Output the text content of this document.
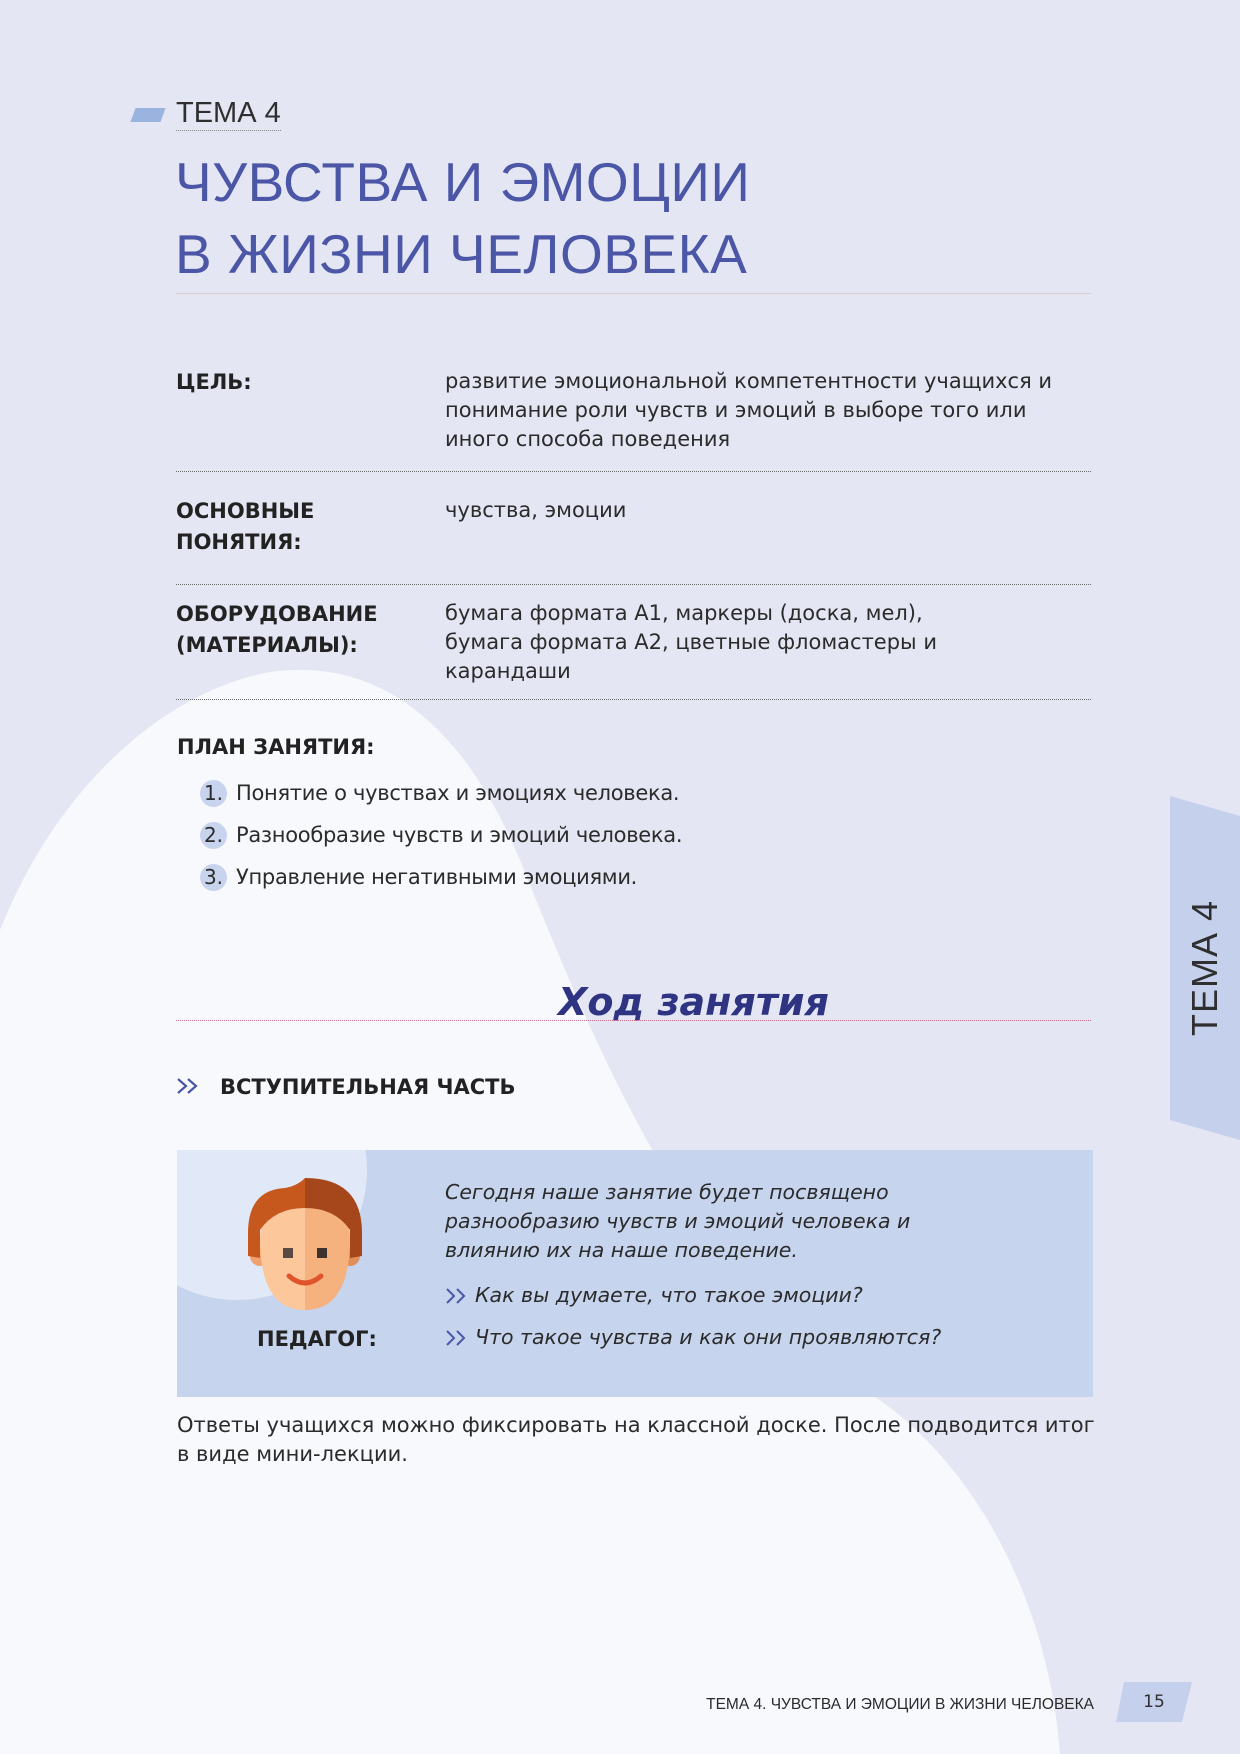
ТЕМА 4
ЧУВСТВА И ЭМОЦИИ
В ЖИЗНИ ЧЕЛОВЕКА
ЦЕЛЬ:	развитие эмоциональной компетентности учащихся и понимание роли чувств и эмоций в выборе того или иного способа поведения
ОСНОВНЫЕ ПОНЯТИЯ:
чувства, эмоции
ОБОРУДОВАНИЕ (МАТЕРИАЛЫ):
бумага формата А1, маркеры (доска, мел), бумага формата А2, цветные фломастеры и карандаши
ПЛАН ЗАНЯТИЯ:
1. Понятие о чувствах и эмоциях человека.
2. Разнообразие чувств и эмоций человека.
3. Управление негативными эмоциями.
Ход занятия
ВСТУПИТЕЛЬНАЯ ЧАСТЬ
ПЕДАГОГ:
Сегодня наше занятие будет посвящено разнообразию чувств и эмоций человека и влиянию их на наше поведение.
Как вы думаете, что такое эмоции?
Что такое чувства и как они проявляются?
Ответы учащихся можно фиксировать на классной доске. После подводится итог в виде мини-лекции.
ТЕМА 4
ТЕМА 4. ЧУВСТВА И ЭМОЦИИ В ЖИЗНИ ЧЕЛОВЕКА	15
